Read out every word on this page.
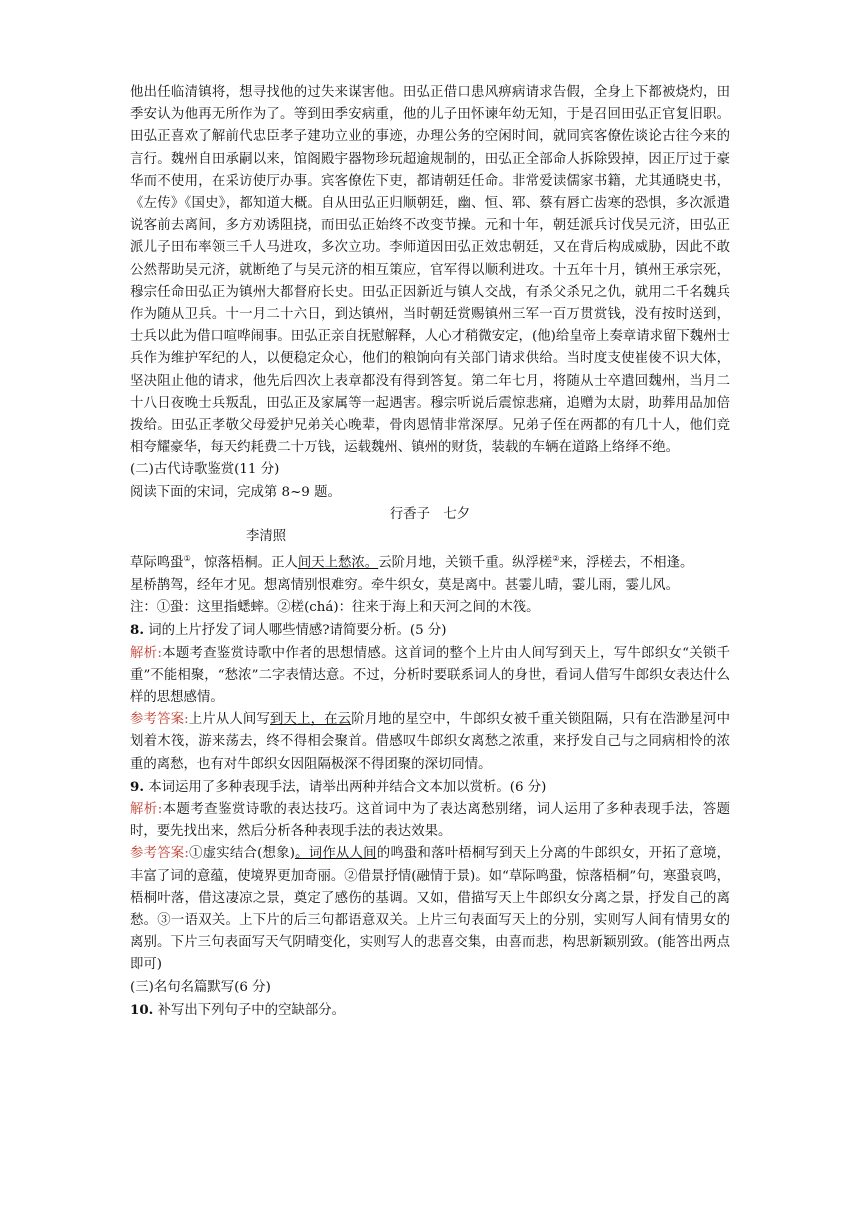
他出任临清镇将，想寻找他的过失来谋害他。田弘正借口患风痹病请求告假，全身上下都被烧灼，田季安认为他再无所作为了。等到田季安病重，他的儿子田怀谏年幼无知，于是召回田弘正官复旧职。田弘正喜欢了解前代忠臣孝子建功立业的事迹，办理公务的空闲时间，就同宾客僚佐谈论古往今来的言行。魏州自田承嗣以来，馆阁殿宇器物珍玩超逾规制的，田弘正全部命人拆除毁掉，因正厅过于豪华而不使用，在采访使厅办事。宾客僚佐下吏，都请朝廷任命。非常爱读儒家书籍，尤其通晓史书，《左传》《国史》，都知道大概。自从田弘正归顺朝廷，幽、恒、郓、蔡有唇亡齿寒的恐惧，多次派遣说客前去离间，多方劝诱阻挠，而田弘正始终不改变节操。元和十年，朝廷派兵讨伐吴元济，田弘正派儿子田布率领三千人马进攻，多次立功。李师道因田弘正效忠朝廷，又在背后构成威胁，因此不敢公然帮助吴元济，就断绝了与吴元济的相互策应，官军得以顺利进攻。十五年十月，镇州王承宗死，穆宗任命田弘正为镇州大都督府长史。田弘正因新近与镇人交战，有杀父杀兄之仇，就用二千名魏兵作为随从卫兵。十一月二十六日，到达镇州，当时朝廷赏赐镇州三军一百万贯赏钱，没有按时送到，士兵以此为借口喧哗闹事。田弘正亲自抚慰解释，人心才稍微安定，(他)给皇帝上奏章请求留下魏州士兵作为维护军纪的人，以便稳定众心，他们的粮饷向有关部门请求供给。当时度支使崔倰不识大体，坚决阻止他的请求，他先后四次上表章都没有得到答复。第二年七月，将随从士卒遣回魏州，当月二十八日夜晚士兵叛乱，田弘正及家属等一起遇害。穆宗听说后震惊悲痛，追赠为太尉，助葬用品加倍拨给。田弘正孝敬父母爱护兄弟关心晚辈，骨肉恩情非常深厚。兄弟子侄在两都的有几十人，他们竞相夸耀豪华，每天约耗费二十万钱，运载魏州、镇州的财货，装载的车辆在道路上络绎不绝。

(二)古代诗歌鉴赏(11 分)

阅读下面的宋词，完成第 8~9 题。

行香子　七夕

李清照

草际鸣蛩①，惊落梧桐。正人间天上愁浓。云阶月地，关锁千重。纵浮槎②来，浮槎去，不相逢。

星桥鹊驾，经年才见。想离情别恨难穷。牵牛织女，莫是离中。甚霎儿晴，霎儿雨，霎儿风。

注：①蛩：这里指蟋蟀。②槎(chá)：往来于海上和天河之间的木筏。

8. 词的上片抒发了词人哪些情感?请简要分析。(5 分)

解析:本题考查鉴赏诗歌中作者的思想情感。这首词的整个上片由人间写到天上，写牛郎织女“关锁千重”不能相聚，“愁浓”二字表情达意。不过，分析时要联系词人的身世，看词人借写牛郎织女表达什么样的思想感情。

参考答案:上片从人间写到天上，在云阶月地的星空中，牛郎织女被千重关锁阻隔，只有在浩渺星河中划着木筏，游来荡去，终不得相会聚首。借感叹牛郎织女离愁之浓重，来抒发自己与之同病相怜的浓重的离愁，也有对牛郎织女因阻隔极深不得团聚的深切同情。

9. 本词运用了多种表现手法，请举出两种并结合文本加以赏析。(6 分)

解析:本题考查鉴赏诗歌的表达技巧。这首词中为了表达离愁别绪，词人运用了多种表现手法，答题时，要先找出来，然后分析各种表现手法的表达效果。

参考答案:①虚实结合(想象)。词作从人间的鸣蛩和落叶梧桐写到天上分离的牛郎织女，开拓了意境，丰富了词的意蕴，使境界更加奇丽。②借景抒情(融情于景)。如“草际鸣蛩，惊落梧桐”句，寒蛩哀鸣，梧桐叶落，借这凄凉之景，奠定了感伤的基调。又如，借描写天上牛郎织女分离之景，抒发自己的离愁。③一语双关。上下片的后三句都语意双关。上片三句表面写天上的分别，实则写人间有情男女的离别。下片三句表面写天气阴晴变化，实则写人的悲喜交集，由喜而悲，构思新颖别致。(能答出两点即可)

(三)名句名篇默写(6 分)

10. 补写出下列句子中的空缺部分。
